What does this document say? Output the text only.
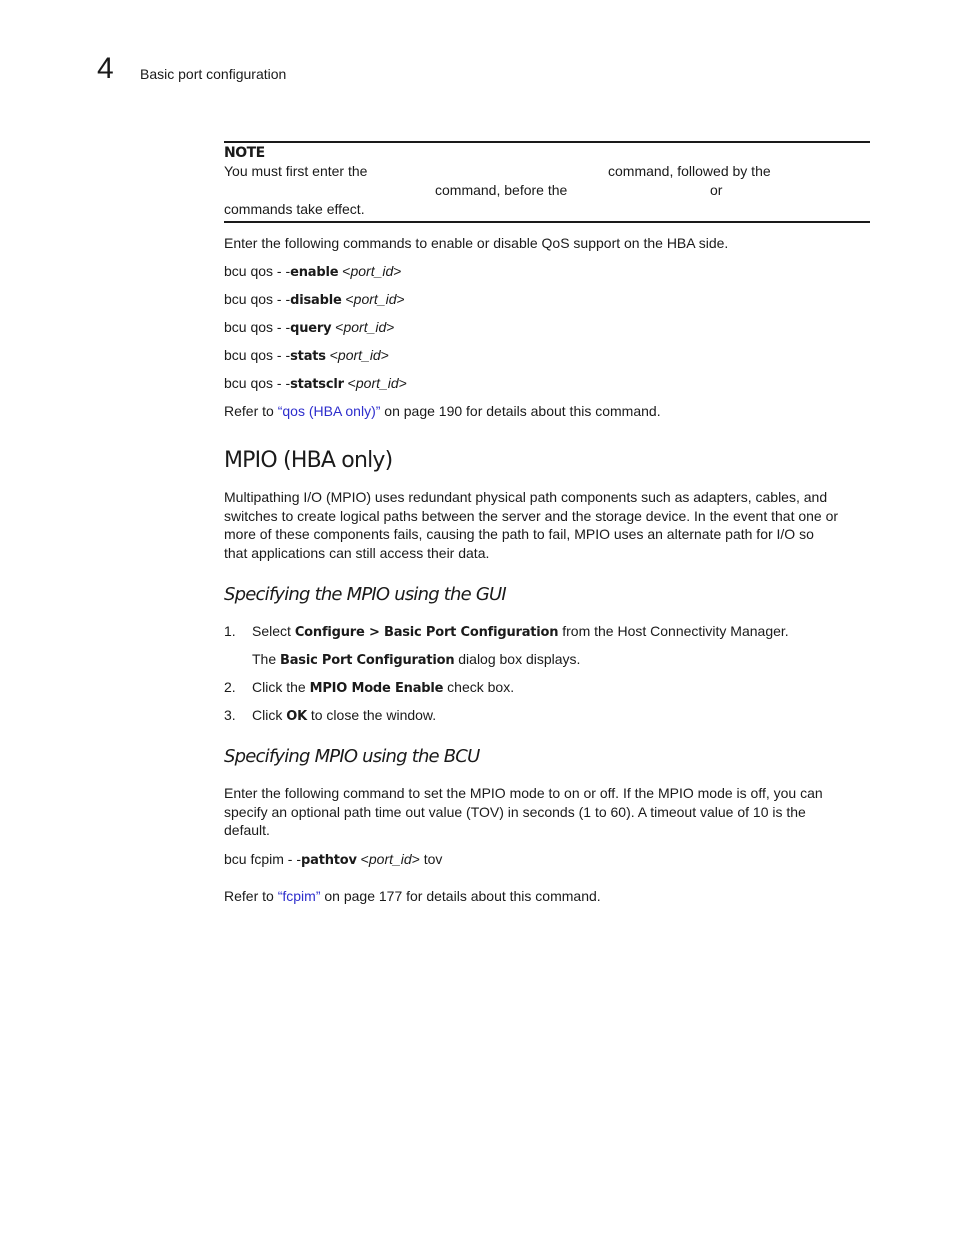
4 Basic port configuration
NOTE
You must first enter the	command, followed by the
command, before the	or
commands take effect.
Enter the following commands to enable or disable QoS support on the HBA side.
bcu qos - -enable <port_id>
bcu qos - -disable <port_id>
bcu qos - -query <port_id>
bcu qos - -stats <port_id>
bcu qos - -statsclr <port_id>
Refer to “qos (HBA only)” on page 190 for details about this command.
MPIO (HBA only)
Multipathing I/O (MPIO) uses redundant physical path components such as adapters, cables, and
switches to create logical paths between the server and the storage device. In the event that one or
more of these components fails, causing the path to fail, MPIO uses an alternate path for I/O so
that applications can still access their data.
Specifying the MPIO using the GUI
1. Select Configure > Basic Port Configuration from the Host Connectivity Manager.
The Basic Port Configuration dialog box displays.
2. Click the MPIO Mode Enable check box.
3. Click OK to close the window.
Specifying MPIO using the BCU
Enter the following command to set the MPIO mode to on or off. If the MPIO mode is off, you can
specify an optional path time out value (TOV) in seconds (1 to 60). A timeout value of 10 is the
default.
bcu fcpim - -pathtov <port_id> tov
Refer to “fcpim” on page 177 for details about this command.
